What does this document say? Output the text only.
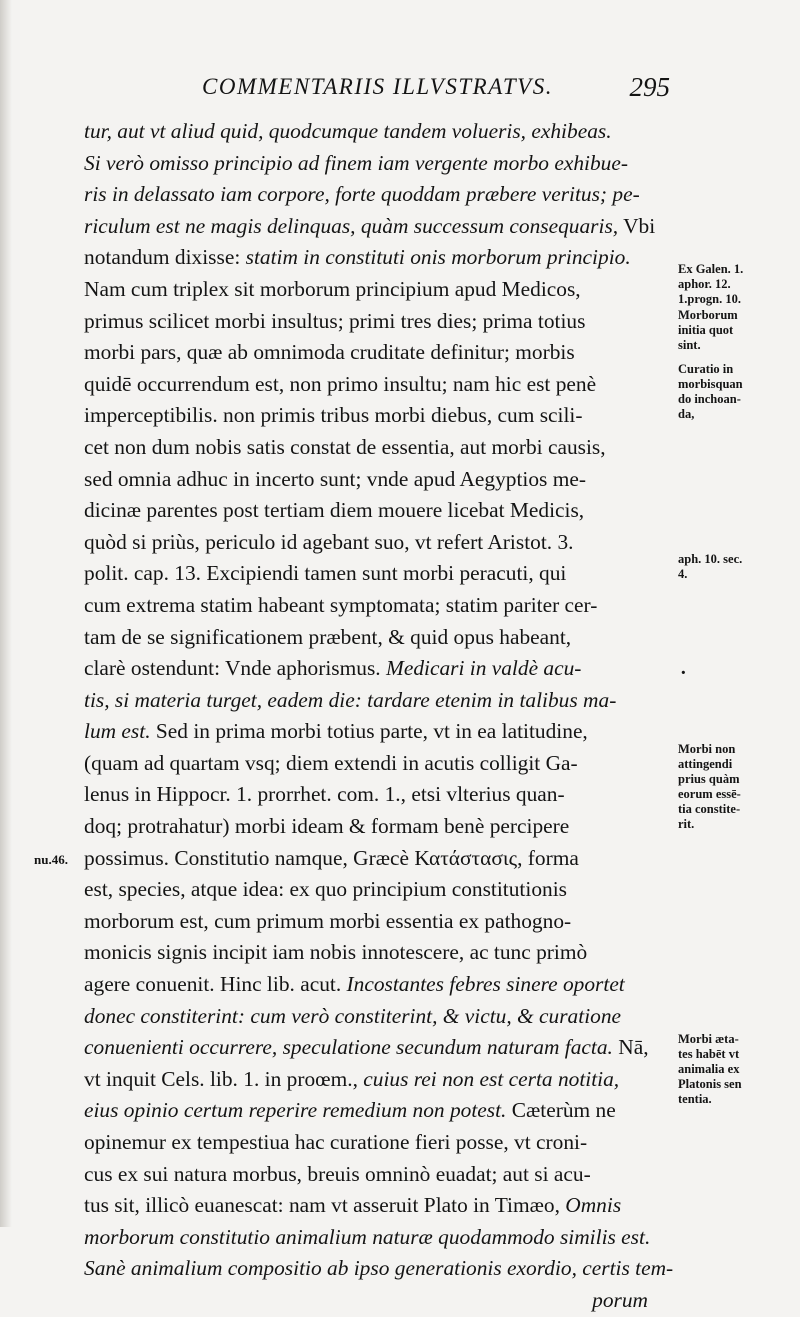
COMMENTARIIS ILLVSTRATVS.	295
tur, aut vt aliud quid, quodcumque tandem volueris, exhibeas.
Si verò omisso principio ad finem iam vergente morbo exhibue-
ris in delassato iam corpore, forte quoddam præbere veritus; pe-
riculum est ne magis delinquas, quàm successum consequaris, Vbi
notandum dixisse: statim in constituti onis morborum principio.
Nam cum triplex sit morborum principium apud Medicos,
primus scilicet morbi insultus; primi tres dies; prima totius
morbi pars, quæ ab omnimoda cruditate definitur; morbis
quidē occurrendum est, non primo insultu; nam hic est penè
imperceptibilis. non primis tribus morbi diebus, cum scili-
cet non dum nobis satis constat de essentia, aut morbi causis,
sed omnia adhuc in incerto sunt; vnde apud Aegyptios me-
dicinæ parentes post tertiam diem mouere licebat Medicis,
quòd si priùs, periculo id agebant suo, vt refert Aristot. 3.
polit. cap. 13. Excipiendi tamen sunt morbi peracuti, qui
cum extrema statim habeant symptomata; statim pariter cer-
tam de se significationem præbent, & quid opus habeant,
clarè ostendunt: Vnde aphorismus. Medicari in valdè acu-
tis, si materia turget, eadem die: tardare etenim in talibus ma-
lum est. Sed in prima morbi totius parte, vt in ea latitudine,
(quam ad quartam vsq; diem extendi in acutis colligit Ga-
lenus in Hippocr. 1. prorrhet. com. 1., etsi vlterius quan-
doq; protrahatur) morbi ideam & formam benè percipere
possimus. Constitutio namque, Græcè Κατάστασις, forma
est, species, atque idea: ex quo principium constitutionis
morborum est, cum primum morbi essentia ex pathogno-
monicis signis incipit iam nobis innotescere, ac tunc primò
agere conuenit. Hinc lib. acut. Incostantes febres sinere oportet
donec constiterint: cum verò constiterint, & victu, & curatione
conuenienti occurrere, speculatione secundum naturam facta. Nā,
vt inquit Cels. lib. 1. in proœm., cuius rei non est certa notitia,
eius opinio certum reperire remedium non potest. Cæterùm ne
opinemur ex tempestiua hac curatione fieri posse, vt croni-
cus ex sui natura morbus, breuis omninò euadat; aut si acu-
tus sit, illicò euanescat: nam vt asseruit Plato in Timæo, Omnis
morborum constitutio animalium naturæ quodammodo similis est.
Sanè animalium compositio ab ipso generationis exordio, certis tem-
porum
Ex Galen. 1.
aphor. 12.
1.progn. 10.
Morborum
initia quot
sint.
Curatio in
morbisquan
do inchoan-
da,
aph. 10. sec.
4.
·
Morbi non
attingendi
prius quàm
eorum essē-
tia constite-
rit.
Morbi æta-
tes habēt vt
animalia ex
Platonis sen
tentia.
nu.46.
